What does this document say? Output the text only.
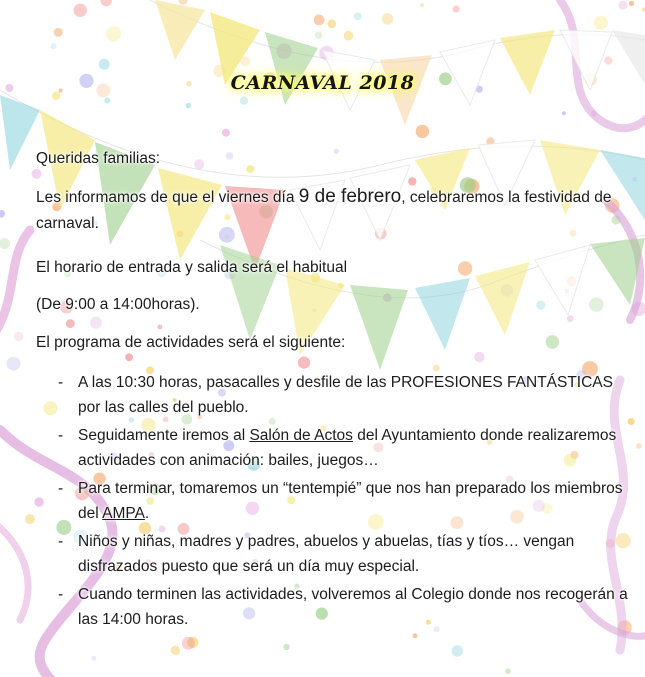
CARNAVAL 2018
Queridas familias:
Les informamos de que el viernes día 9 de febrero, celebraremos la festividad de carnaval.
El horario de entrada y salida será el habitual
(De 9:00 a 14:00horas).
El programa de actividades será el siguiente:
- A las 10:30 horas, pasacalles y desfile de las PROFESIONES FANTÁSTICAS por las calles del pueblo.
- Seguidamente iremos al Salón de Actos del Ayuntamiento donde realizaremos actividades con animación: bailes, juegos…
- Para terminar, tomaremos un “tentempié” que nos han preparado los miembros del AMPA.
- Niños y niñas, madres y padres, abuelos y abuelas, tías y tíos… vengan disfrazados puesto que será un día muy especial.
- Cuando terminen las actividades, volveremos al Colegio donde nos recogerán a las 14:00 horas.
